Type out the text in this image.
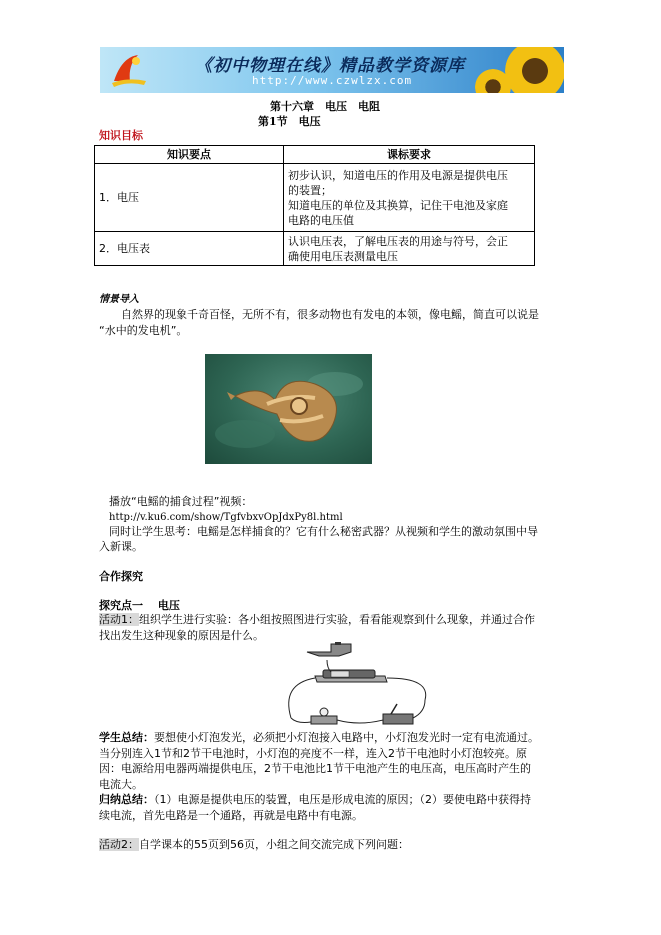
《初中物理在线》精品教学资源库
http://www.czwlzx.com
第十六章　电压　电阻
第1节　电压
知识目标
知识要点	课标要求
1．电压	初步认识，知道电压的作用及电源是提供电压
的装置；
知道电压的单位及其换算，记住干电池及家庭
电路的电压值

2．电压表	认识电压表，了解电压表的用途与符号，会正
确使用电压表测量电压
情景导入
自然界的现象千奇百怪，无所不有，很多动物也有发电的本领，像电鳐，简直可以说是
“水中的发电机”。
播放“电鳐的捕食过程”视频：
http://v.ku6.com/show/TgfvbxvOpJdxPy8l.html
同时让学生思考：电鳐是怎样捕食的？它有什么秘密武器？从视频和学生的激动氛围中导
入新课。
合作探究
探究点一　 电压
活动1：组织学生进行实验：各小组按照图进行实验，看看能观察到什么现象，并通过合作
找出发生这种现象的原因是什么。
学生总结：要想使小灯泡发光，必须把小灯泡接入电路中，小灯泡发光时一定有电流通过。
当分别连入1节和2节干电池时，小灯泡的亮度不一样，连入2节干电池时小灯泡较亮。原
因：电源给用电器两端提供电压，2节干电池比1节干电池产生的电压高，电压高时产生的
电流大。
归纳总结：（1）电源是提供电压的装置，电压是形成电流的原因；（2）要使电路中获得持
续电流，首先电路是一个通路，再就是电路中有电源。
活动2：自学课本的55页到56页，小组之间交流完成下列问题：
